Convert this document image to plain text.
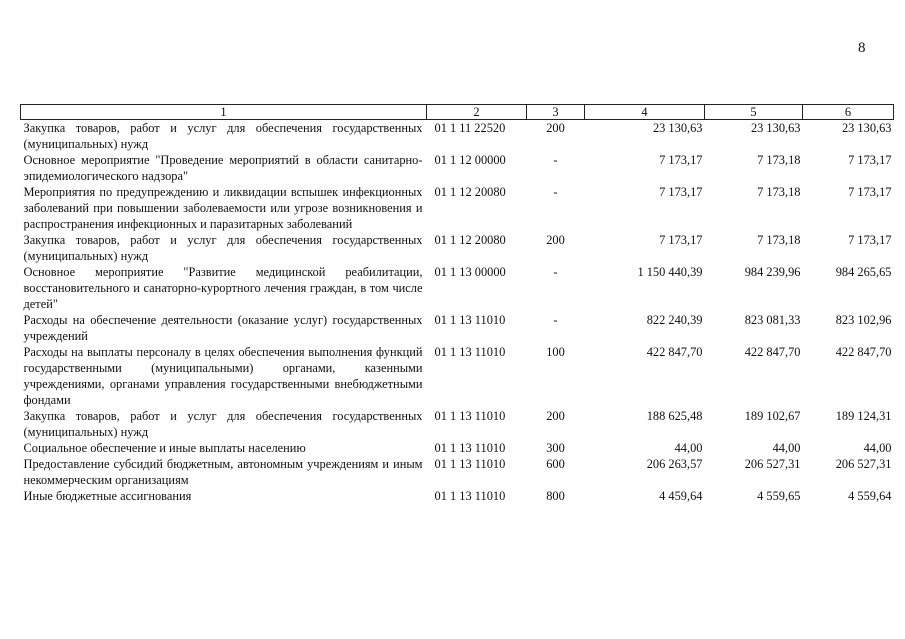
8
1	2	3	4	5	6
Закупка товаров, работ и услуг для обеспечения государственных (муниципальных) нужд	01 1 11 22520	200	23 130,63	23 130,63	23 130,63
Основное мероприятие "Проведение мероприятий в области санитарно-эпидемиологического надзора"	01 1 12 00000	-	7 173,17	7 173,18	7 173,17
Мероприятия по предупреждению и ликвидации вспышек инфекционных заболеваний при повышении заболеваемости или угрозе возникновения и распространения инфекционных и паразитарных заболеваний	01 1 12 20080	-	7 173,17	7 173,18	7 173,17
Закупка товаров, работ и услуг для обеспечения государственных (муниципальных) нужд	01 1 12 20080	200	7 173,17	7 173,18	7 173,17
Основное мероприятие "Развитие медицинской реабилитации, восстановительного и санаторно-курортного лечения граждан, в том числе детей"	01 1 13 00000	-	1 150 440,39	984 239,96	984 265,65
Расходы на обеспечение деятельности (оказание услуг) государственных учреждений	01 1 13 11010	-	822 240,39	823 081,33	823 102,96
Расходы на выплаты персоналу в целях обеспечения выполнения функций государственными (муниципальными) органами, казенными учреждениями, органами управления государственными внебюджетными фондами	01 1 13 11010	100	422 847,70	422 847,70	422 847,70
Закупка товаров, работ и услуг для обеспечения государственных (муниципальных) нужд	01 1 13 11010	200	188 625,48	189 102,67	189 124,31
Социальное обеспечение и иные выплаты населению	01 1 13 11010	300	44,00	44,00	44,00
Предоставление субсидий бюджетным, автономным учреждениям и иным некоммерческим организациям	01 1 13 11010	600	206 263,57	206 527,31	206 527,31
Иные бюджетные ассигнования	01 1 13 11010	800	4 459,64	4 559,65	4 559,64
